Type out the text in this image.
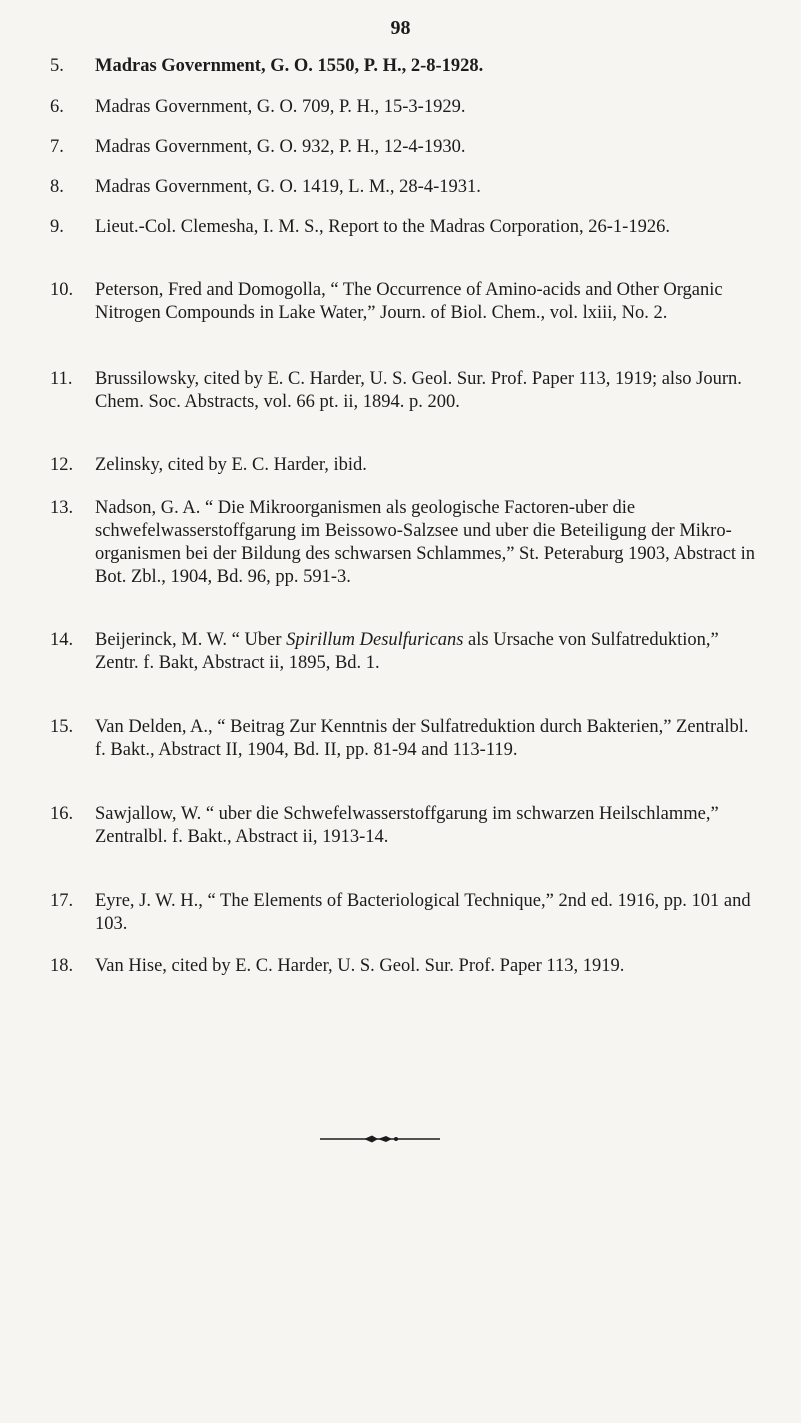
98
5.	Madras Government, G. O. 1550, P. H., 2-8-1928.
6.	Madras Government, G. O. 709, P. H., 15-3-1929.
7.	Madras Government, G. O. 932, P. H., 12-4-1930.
8.	Madras Government, G. O. 1419, L. M., 28-4-1931.
9.	Lieut.-Col. Clemesha, I. M. S., Report to the Madras Corporation, 26-1-1926.
10.	Peterson, Fred and Domogolla, “ The Occurrence of Amino-acids and Other Organic Nitrogen Compounds in Lake Water,” Journ. of Biol. Chem., vol. lxiii, No. 2.
11.	Brussilowsky, cited by E. C. Harder, U. S. Geol. Sur. Prof. Paper 113, 1919; also Journ. Chem. Soc. Abstracts, vol. 66 pt. ii, 1894. p. 200.
12.	Zelinsky, cited by E. C. Harder, ibid.
13.	Nadson, G. A. “ Die Mikroorganismen als geologische Factoren-uber die schwefelwasserstoffgarung im Beissowo-Salzsee und uber die Beteiligung der Mikro-organismen bei der Bildung des schwarsen Schlammes,” St. Peteraburg 1903, Abstract in Bot. Zbl., 1904, Bd. 96, pp. 591-3.
14.	Beijerinck, M. W. “ Uber Spirillum Desulfuricans als Ursache von Sulfatreduktion,” Zentr. f. Bakt, Abstract ii, 1895, Bd. 1.
15.	Van Delden, A., “ Beitrag Zur Kenntnis der Sulfatreduktion durch Bakterien,” Zentralbl. f. Bakt., Abstract II, 1904, Bd. II, pp. 81-94 and 113-119.
16.	Sawjallow, W. “ uber die Schwefelwasserstoffgarung im schwarzen Heilschlamme,” Zentralbl. f. Bakt., Abstract ii, 1913-14.
17.	Eyre, J. W. H., “ The Elements of Bacteriological Technique,” 2nd ed. 1916, pp. 101 and 103.
18.	Van Hise, cited by E. C. Harder, U. S. Geol. Sur. Prof. Paper 113, 1919.
